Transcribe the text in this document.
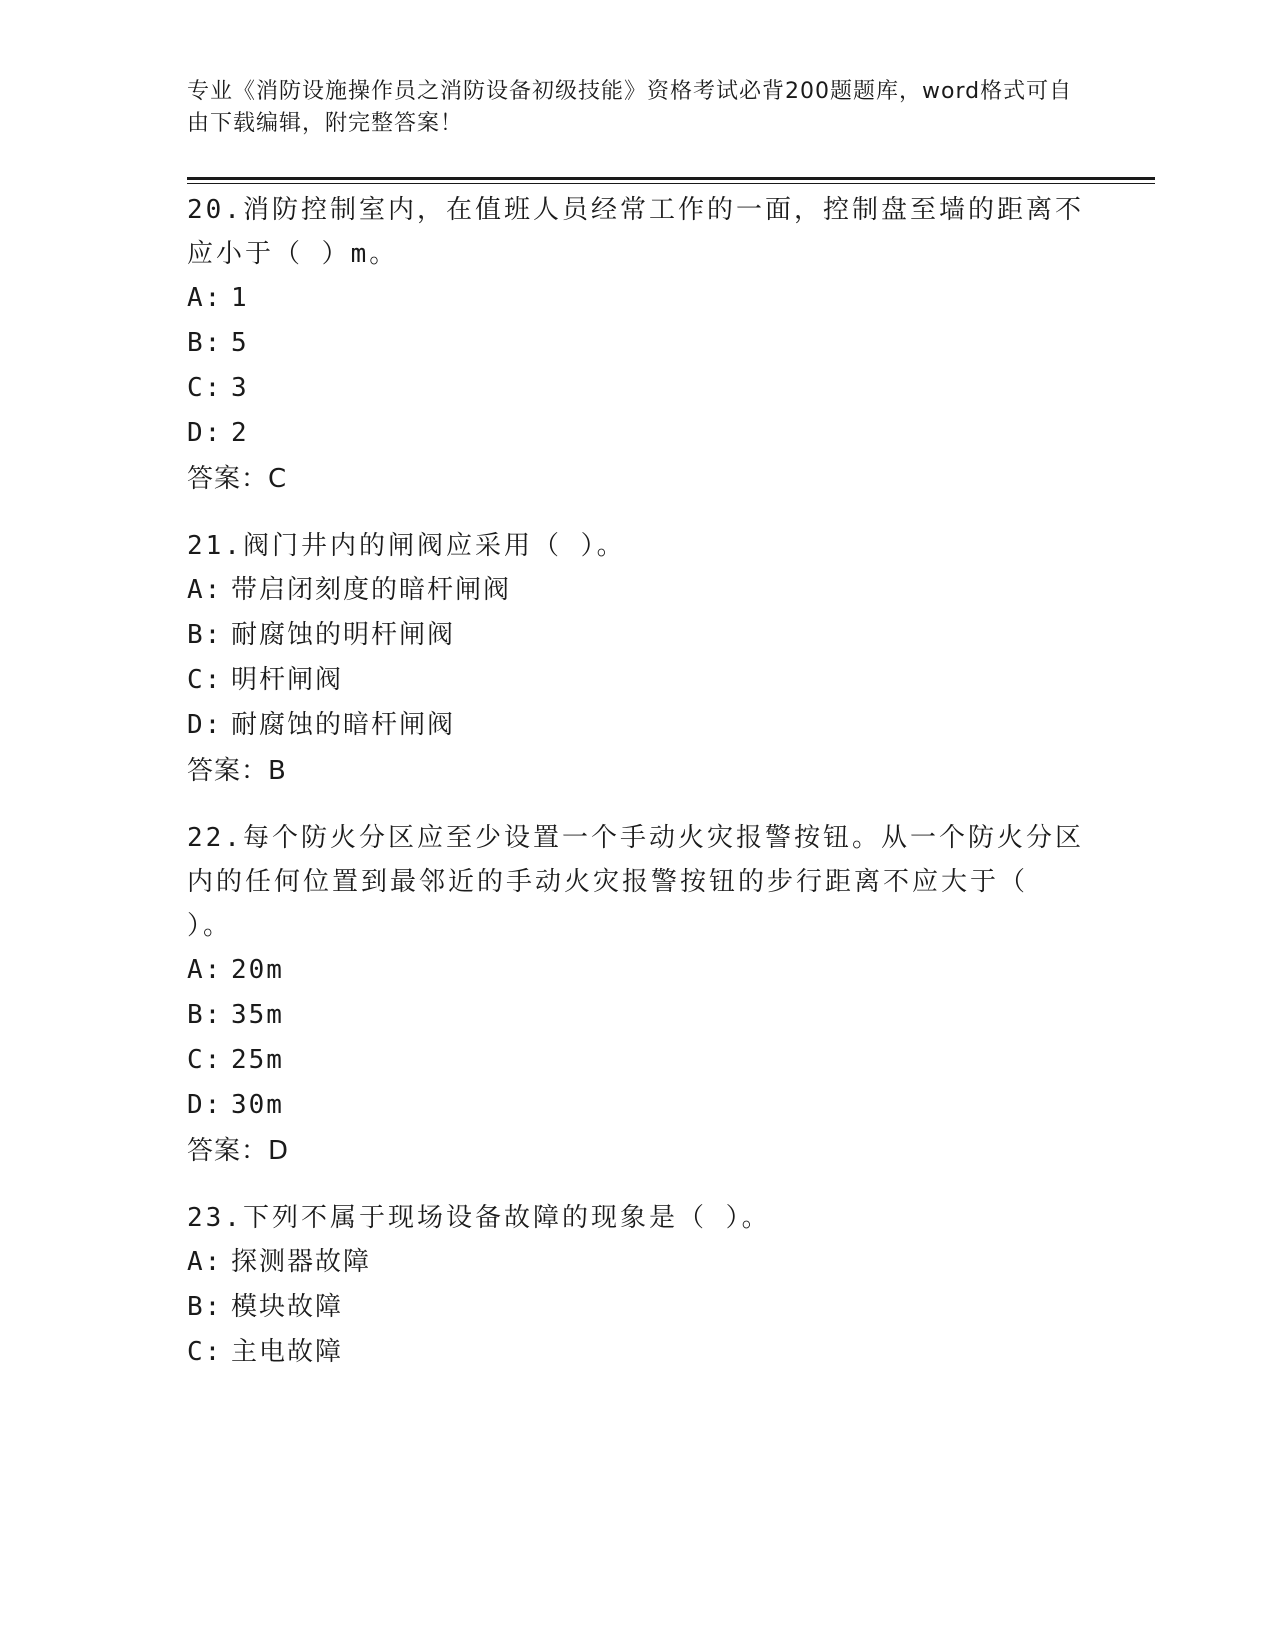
专业《消防设施操作员之消防设备初级技能》资格考试必背200题题库，word格式可自由下载编辑，附完整答案！

20.消防控制室内，在值班人员经常工作的一面，控制盘至墙的距离不应小于（ ）m。

A: 1

B: 5

C: 3

D: 2

答案：C

21.阀门井内的闸阀应采用（ ）。

A: 带启闭刻度的暗杆闸阀

B: 耐腐蚀的明杆闸阀

C: 明杆闸阀

D: 耐腐蚀的暗杆闸阀

答案：B

22.每个防火分区应至少设置一个手动火灾报警按钮。从一个防火分区内的任何位置到最邻近的手动火灾报警按钮的步行距离不应大于（ ）。

A: 20m

B: 35m

C: 25m

D: 30m

答案：D

23.下列不属于现场设备故障的现象是（ ）。

A: 探测器故障

B: 模块故障

C: 主电故障
